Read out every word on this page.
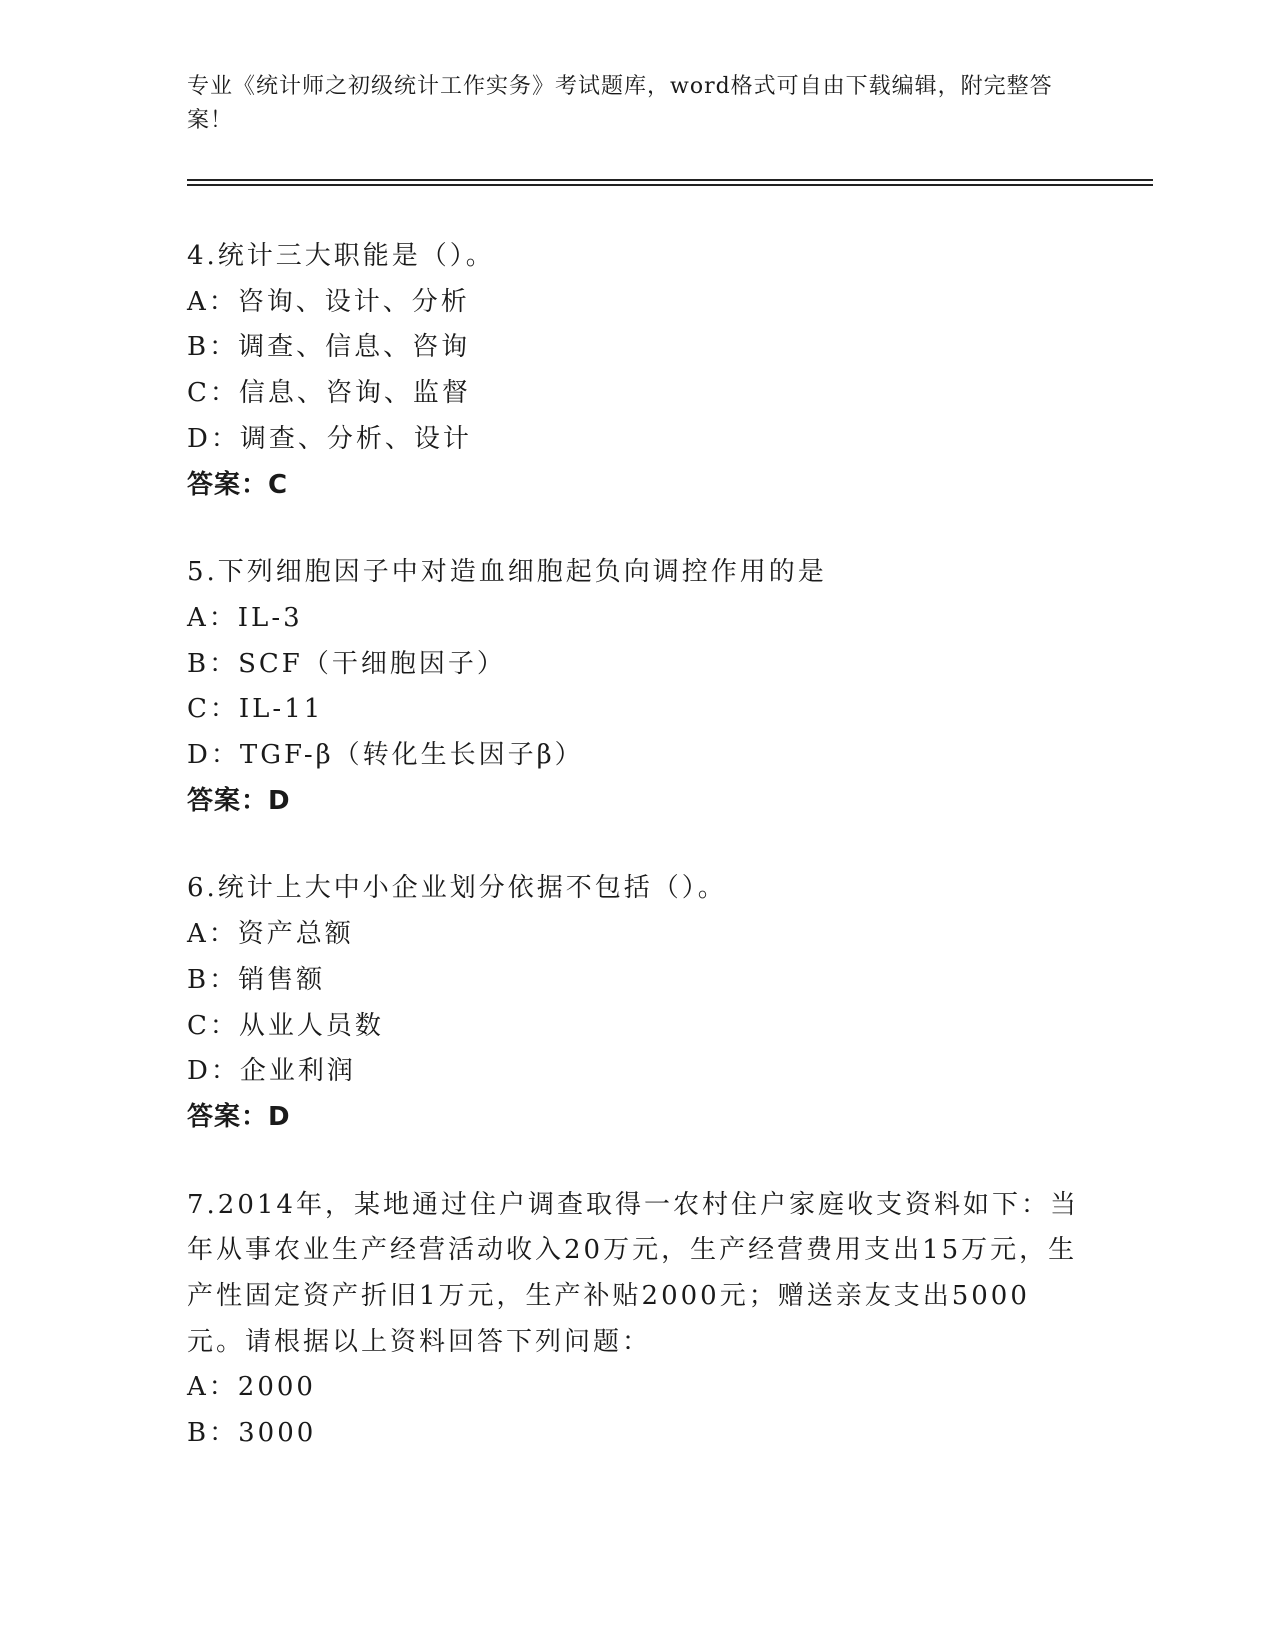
专业《统计师之初级统计工作实务》考试题库，word格式可自由下载编辑，附完整答案！
4.统计三大职能是（）。
A：咨询、设计、分析
B：调查、信息、咨询
C：信息、咨询、监督
D：调查、分析、设计
答案：C
5.下列细胞因子中对造血细胞起负向调控作用的是
A：IL-3
B：SCF（干细胞因子）
C：IL-11
D：TGF-β（转化生长因子β）
答案：D
6.统计上大中小企业划分依据不包括（）。
A：资产总额
B：销售额
C：从业人员数
D：企业利润
答案：D
7.2014年，某地通过住户调查取得一农村住户家庭收支资料如下：当年从事农业生产经营活动收入20万元，生产经营费用支出15万元，生产性固定资产折旧1万元，生产补贴2000元；赠送亲友支出5000元。请根据以上资料回答下列问题：
A：2000
B：3000
